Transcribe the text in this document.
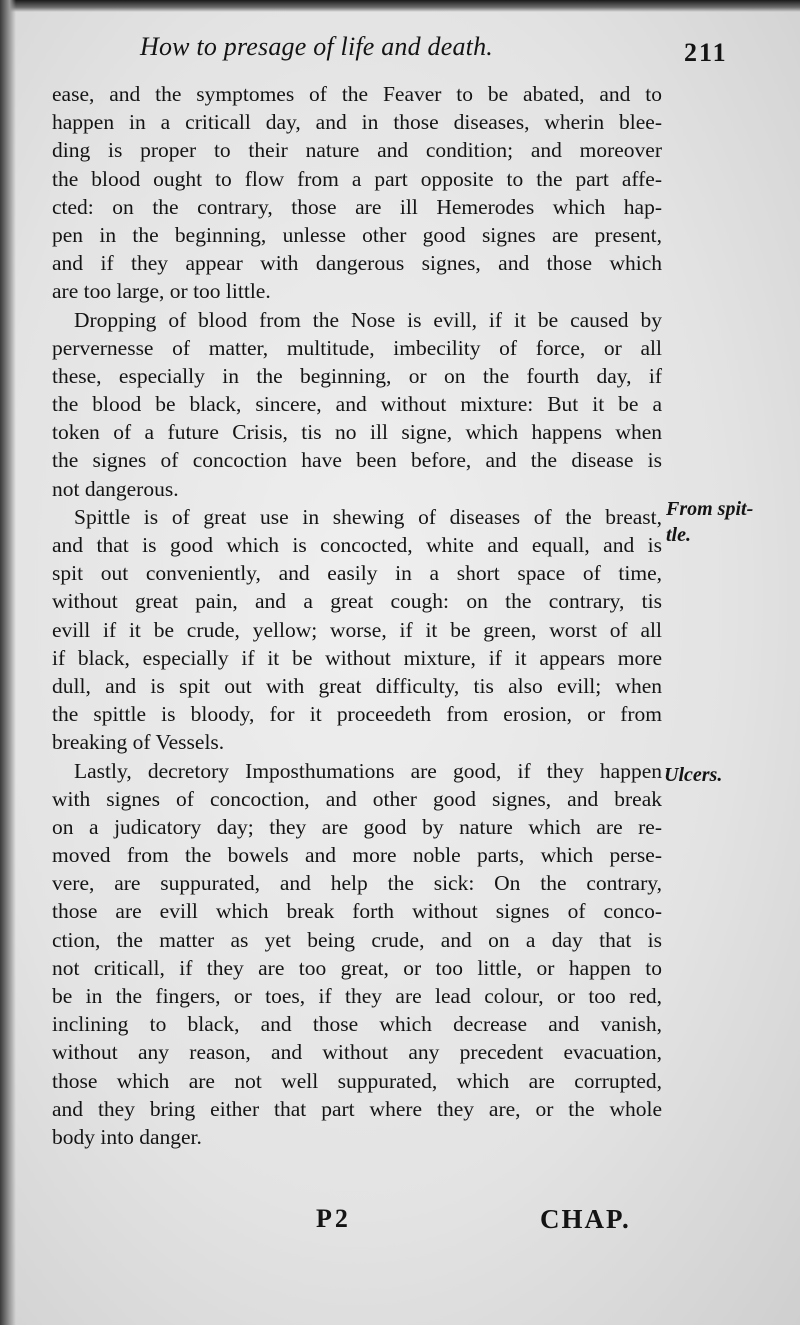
How to presage of life and death.	211
ease, and the symptomes of the Feaver to be abated, and to
happen in a criticall day, and in those diseases, wherin blee-
ding is proper to their nature and condition; and moreover
the blood ought to flow from a part opposite to the part affe-
cted: on the contrary, those are ill Hemerodes which hap-
pen in the beginning, unlesse other good signes are present,
and if they appear with dangerous signes, and those which
are too large, or too little.
Dropping of blood from the Nose is evill, if it be caused by
pervernesse of matter, multitude, imbecility of force, or all
these, especially in the beginning, or on the fourth day, if
the blood be black, sincere, and without mixture: But it be a
token of a future Crisis, tis no ill signe, which happens when
the signes of concoction have been before, and the disease is
not dangerous.
Spittle is of great use in shewing of diseases of the breast,
and that is good which is concocted, white and equall, and is
spit out conveniently, and easily in a short space of time,
without great pain, and a great cough: on the contrary, tis
evill if it be crude, yellow; worse, if it be green, worst of all
if black, especially if it be without mixture, if it appears more
dull, and is spit out with great difficulty, tis also evill; when
the spittle is bloody, for it proceedeth from erosion, or from
breaking of Vessels.
Lastly, decretory Imposthumations are good, if they happen
with signes of concoction, and other good signes, and break
on a judicatory day; they are good by nature which are re-
moved from the bowels and more noble parts, which perse-
vere, are suppurated, and help the sick: On the contrary,
those are evill which break forth without signes of conco-
ction, the matter as yet being crude, and on a day that is
not criticall, if they are too great, or too little, or happen to
be in the fingers, or toes, if they are lead colour, or too red,
inclining to black, and those which decrease and vanish,
without any reason, and without any precedent evacuation,
those which are not well suppurated, which are corrupted,
and they bring either that part where they are, or the whole
body into danger.
From spit-
tle.
Ulcers.
P2	CHAP.
